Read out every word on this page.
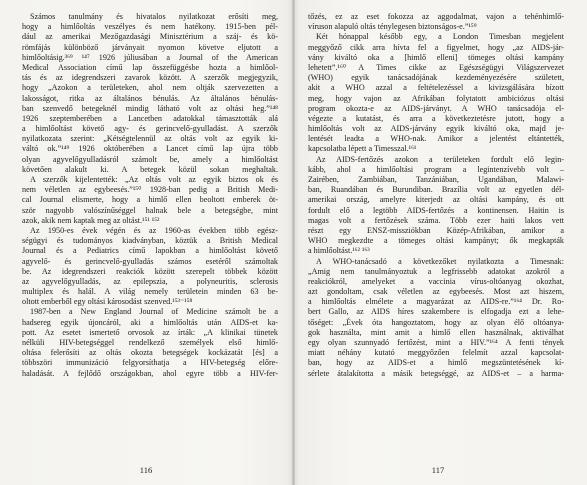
Számos tanulmány és hivatalos nyilatkozat erősíti meg,
hogy a himlőoltás veszélyes és nem hatékony. 1915-ben pél-
dául az amerikai Mezőgazdasági Minisztérium a száj- és kö-
römfájás különböző járványait nyomon követve eljutott a
himlőoltásig.³⁶⁹ ¹⁴⁷ 1926 júliusában a Journal of the American
Medical Association című lap összefüggésbe hozta a himlőol-
tás és az idegrendszeri zavarok között. A szerzők megjegyzik,
hogy „Azokon a területeken, ahol nem oltják szervezetten a
lakosságot, ritka az általános bénulás. Az általános bénulás-
ban szenvedő betegeknél mindig látható volt az oltási heg.”¹⁴⁸
1926 szeptemberében a Lancetben adatokkal támasztották alá
a himlőoltást követő agy- és gerincvelő-gyulladást. A szerzők
nyilatkozata szerint: „Kétségtelennül az oltás volt az egyik ki-
váltó ok.”¹⁴⁹ 1926 októberében a Lancet című lap újra több
olyan agyvelőgyulladásról számolt be, amely a himlőoltást
követően alakult ki. A betegek közül sokan meghaltak.
A szerzők kijelentették: „Az oltás volt az egyik biztos ok és
nem véletlen az egybeesés.”¹⁵⁰ 1928-ban pedig a British Medi-
cal Journal elismerte, hogy a himlő ellen beoltott emberek öt-
ször nagyobb valószínűséggel halnak bele a betegségbe, mint
azok, akik nem kaptak meg az oltást.¹⁵¹ ¹⁵²
Az 1950-es évek végén és az 1960-as években több egész-
ségügyi és tudományos kiadványban, köztük a British Medical
Journal és a Pediatrics című lapokban a himlőoltást követő
agyvelő- és gerincvelő-gyulladás számos esetéről számoltak
be. Az idegrendszeri reakciók között szerepelt többek között
az agyvelőgyulladás, az epilepszia, a polyneuritis, sclerosis
multiplex és halál. A világ nemely területein minden 63 be-
oltott emberből egy oltási károsodást szenved.¹⁵³⁻¹⁵⁸
1987-ben a New England Journal of Medicine számolt be a
hadsereg egyik újoncáról, aki a himlőoltás után AIDS-et ka-
pott. Az esetet ismertető orvosok az írták: „A klinikai tünetek
nélküli HIV-betegséggel rendelkező személyek első himlő-
oltása felerősíti az oltás okozta betegségek kockázatát [és] a
többszöri immunizáció felgyorsíthatja a HIV-betegség előre-
haladását. A fejlődő országokban, ahol egyre több a HIV-fer-
116
tőzés, ez az eset fokozza az aggodalmat, vajon a tehénhimlő-
víruson alapuló oltás ténylegesen biztonságos-e.”¹⁵⁹
Két hónappal később egy, a London Timesban megjelent
meggyőző cikk arra hívta fel a figyelmet, hogy „az AIDS-jár-
vány kiváltó oka a [himlő elleni] tömeges oltási kampány
lehetett”.¹⁶⁰ A Times cikke az Egészségügyi Világszervezet
(WHO) egyik tanácsadójának kezdeményezésére született,
akit a WHO azzal a feltételezéssel a kivizsgálására bízott
meg, hogy vajon az Afrikában folytatott ambiciózus oltási
program okozta-e az AIDS-járványt. A WHO tanácsadója el-
végezte a kutatást, és arra a következtetésre jutott, hogy a
himlőoltás volt az AIDS-járvány egyik kiváltó oka, majd je-
lentését leadta a WHO-nak. Amikor a jelentést eltántették,
kapcsolatba lépett a Timesszal.¹⁶¹
Az AIDS-fertőzés azokon a területeken fordult elő legin-
kább, ahol a himlőoltási program a legintenzívebb volt –
Zairében, Zambiában, Tanzániában, Ugandában, Malawi-
ban, Ruandában és Burundiban. Brazília volt az egyetlen dél-
amerikai ország, amelyre kiterjedt az oltási kampány, és ott
fordult elő a legtöbb AIDS-fertőzés a kontinensen. Haitin is
magas volt a fertőzések száma. Több ezer haiti lakos vett
részt egy ENSZ-missziókban Közép-Afrikában, amikor a
WHO megkezdte a tömeges oltási kampányt; ők megkapták
a himlőoltást.¹⁶² ¹⁶³
A WHO-tanácsadó a következőket nyilatkozta a Timesnak:
„Amig nem tanulmányoztuk a legfrissebb adatokat azokról a
reakciókról, amelyeket a vaccinia vírus-oltóanyag okozhat,
azt gondoltam, csak véletlen az egybeesés. Most azt hiszem,
a himlőoltás elmélete a magyarázat az AIDS-re.”¹⁶⁴ Dr. Ro-
bert Gallo, az AIDS híres szakembere is elfogadja ezt a lehe-
tőséget: „Évek óta hangoztatom, hogy az olyan élő oltóanya-
gok használta, mint amit a himlő ellen használnak, aktiválhat
egy olyan szunnyadó fertőzést, mint a HIV.”¹⁶⁴ A fenti tények
miatt néhány kutató meggyőzően felelmít azzal kapcsolat-
ban, hogy az AIDS-et a himlő megszüntetésének kí-
sérlete átalakította a másik betegséggé, az AIDS-et – a harma-
117
